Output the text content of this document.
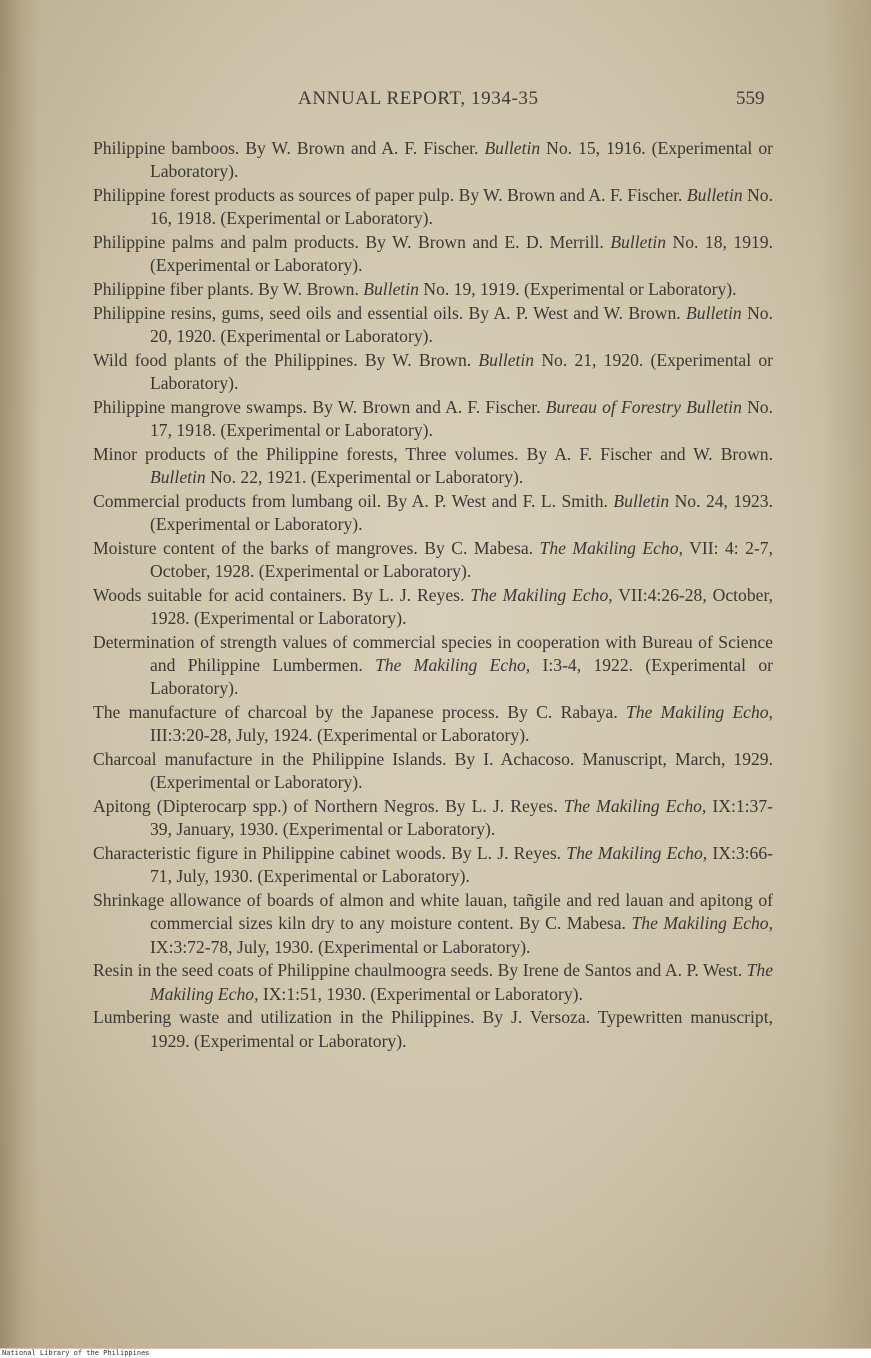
ANNUAL REPORT, 1934-35	559

Philippine bamboos. By W. Brown and A. F. Fischer. Bulletin No. 15, 1916. (Experimental or Laboratory).

Philippine forest products as sources of paper pulp. By W. Brown and A. F. Fischer. Bulletin No. 16, 1918. (Experimental or Laboratory).

Philippine palms and palm products. By W. Brown and E. D. Merrill. Bulletin No. 18, 1919. (Experimental or Laboratory).

Philippine fiber plants. By W. Brown. Bulletin No. 19, 1919. (Experimental or Laboratory).

Philippine resins, gums, seed oils and essential oils. By A. P. West and W. Brown. Bulletin No. 20, 1920. (Experimental or Laboratory).

Wild food plants of the Philippines. By W. Brown. Bulletin No. 21, 1920. (Experimental or Laboratory).

Philippine mangrove swamps. By W. Brown and A. F. Fischer. Bureau of Forestry Bulletin No. 17, 1918. (Experimental or Laboratory).

Minor products of the Philippine forests, Three volumes. By A. F. Fischer and W. Brown. Bulletin No. 22, 1921. (Experimental or Laboratory).

Commercial products from lumbang oil. By A. P. West and F. L. Smith. Bulletin No. 24, 1923. (Experimental or Laboratory).

Moisture content of the barks of mangroves. By C. Mabesa. The Makiling Echo, VII: 4: 2-7, October, 1928. (Experimental or Laboratory).

Woods suitable for acid containers. By L. J. Reyes. The Makiling Echo, VII:4:26-28, October, 1928. (Experimental or Laboratory).

Determination of strength values of commercial species in cooperation with Bureau of Science and Philippine Lumbermen. The Makiling Echo, I:3-4, 1922. (Experimental or Laboratory).

The manufacture of charcoal by the Japanese process. By C. Rabaya. The Makiling Echo, III:3:20-28, July, 1924. (Experimental or Laboratory).

Charcoal manufacture in the Philippine Islands. By I. Achacoso. Manuscript, March, 1929. (Experimental or Laboratory).

Apitong (Dipterocarp spp.) of Northern Negros. By L. J. Reyes. The Makiling Echo, IX:1:37-39, January, 1930. (Experimental or Laboratory).

Characteristic figure in Philippine cabinet woods. By L. J. Reyes. The Makiling Echo, IX:3:66-71, July, 1930. (Experimental or Laboratory).

Shrinkage allowance of boards of almon and white lauan, tañgile and red lauan and apitong of commercial sizes kiln dry to any moisture content. By C. Mabesa. The Makiling Echo, IX:3:72-78, July, 1930. (Experimental or Laboratory).

Resin in the seed coats of Philippine chaulmoogra seeds. By Irene de Santos and A. P. West. The Makiling Echo, IX:1:51, 1930. (Experimental or Laboratory).

Lumbering waste and utilization in the Philippines. By J. Versoza. Typewritten manuscript, 1929. (Experimental or Laboratory).

National Library of the Philippines
